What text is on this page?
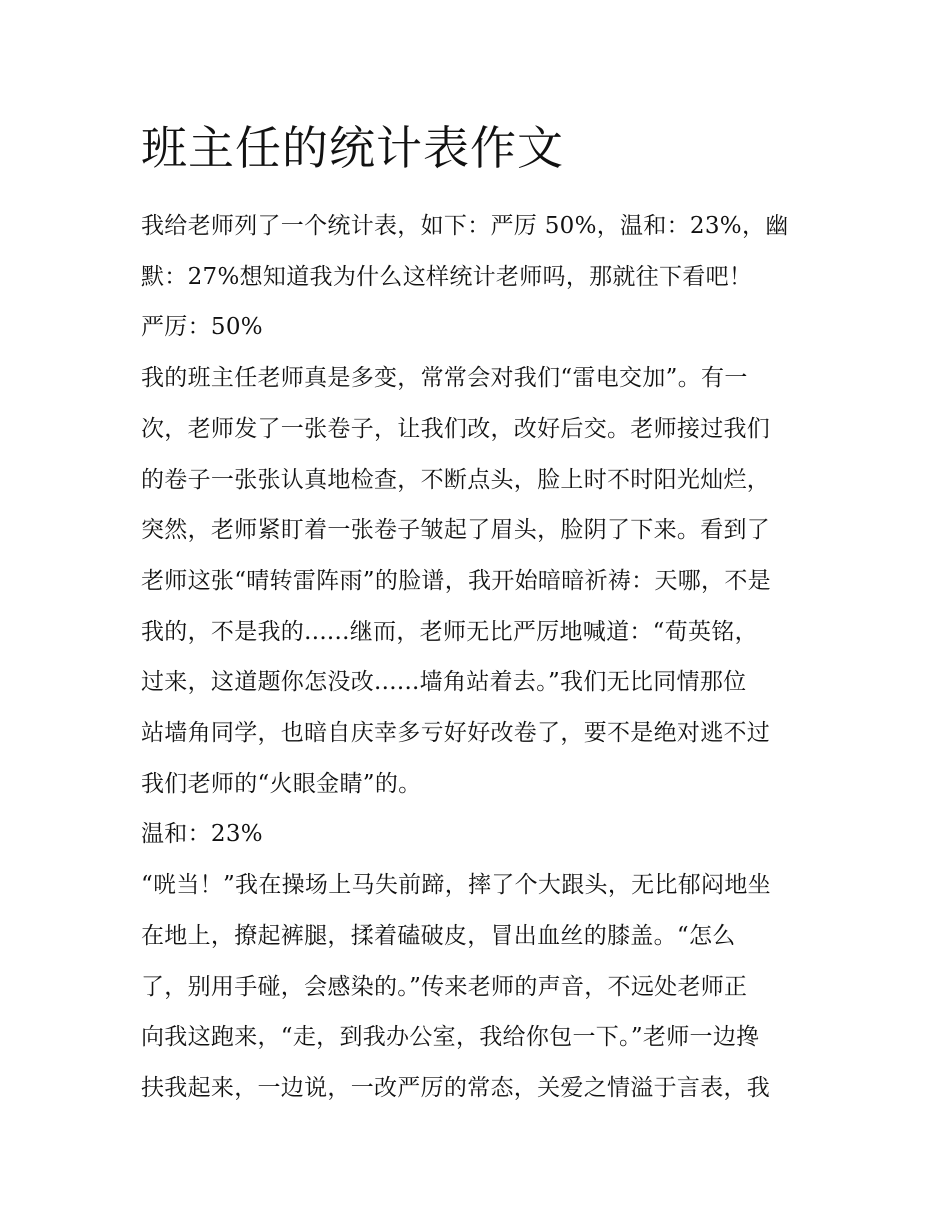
班主任的统计表作文

我给老师列了一个统计表，如下：严厉 50%，温和：23%，幽

默：27%想知道我为什么这样统计老师吗，那就往下看吧！

严厉：50%

我的班主任老师真是多变，常常会对我们“雷电交加”。有一

次，老师发了一张卷子，让我们改，改好后交。老师接过我们

的卷子一张张认真地检查，不断点头，脸上时不时阳光灿烂，

突然，老师紧盯着一张卷子皱起了眉头，脸阴了下来。看到了

老师这张“晴转雷阵雨”的脸谱，我开始暗暗祈祷：天哪，不是

我的，不是我的......继而，老师无比严厉地喊道：“荀英铭，

过来，这道题你怎没改......墙角站着去。”我们无比同情那位

站墙角同学，也暗自庆幸多亏好好改卷了，要不是绝对逃不过

我们老师的“火眼金睛”的。

温和：23%

“咣当！”我在操场上马失前蹄，摔了个大跟头，无比郁闷地坐

在地上，撩起裤腿，揉着磕破皮，冒出血丝的膝盖。“怎么

了，别用手碰，会感染的。”传来老师的声音，不远处老师正

向我这跑来，“走，到我办公室，我给你包一下。”老师一边搀

扶我起来，一边说，一改严厉的常态，关爱之情溢于言表，我
